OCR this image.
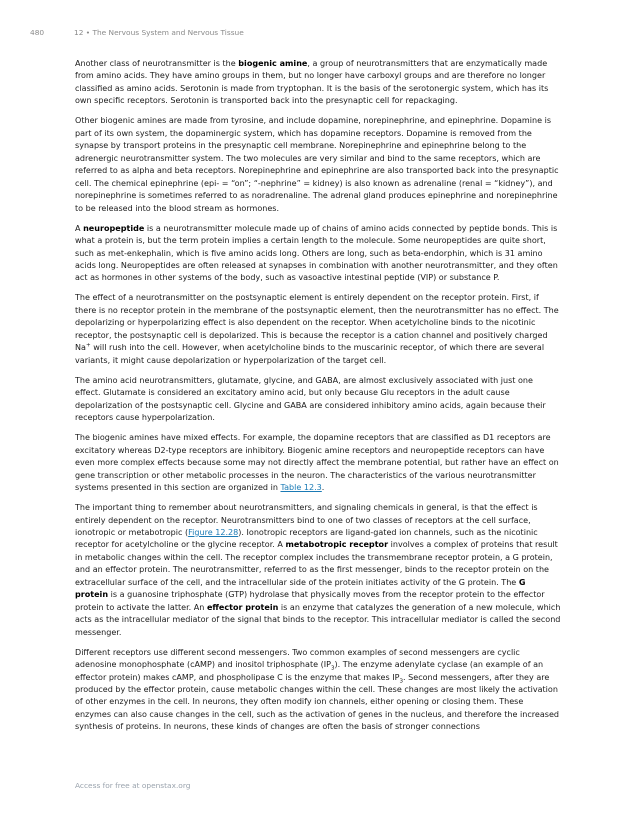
480	12 • The Nervous System and Nervous Tissue

Another class of neurotransmitter is the biogenic amine, a group of neurotransmitters that are enzymatically made from amino acids. They have amino groups in them, but no longer have carboxyl groups and are therefore no longer classified as amino acids. Serotonin is made from tryptophan. It is the basis of the serotonergic system, which has its own specific receptors. Serotonin is transported back into the presynaptic cell for repackaging.

Other biogenic amines are made from tyrosine, and include dopamine, norepinephrine, and epinephrine. Dopamine is part of its own system, the dopaminergic system, which has dopamine receptors. Dopamine is removed from the synapse by transport proteins in the presynaptic cell membrane. Norepinephrine and epinephrine belong to the adrenergic neurotransmitter system. The two molecules are very similar and bind to the same receptors, which are referred to as alpha and beta receptors. Norepinephrine and epinephrine are also transported back into the presynaptic cell. The chemical epinephrine (epi- = “on”; “-nephrine” = kidney) is also known as adrenaline (renal = “kidney”), and norepinephrine is sometimes referred to as noradrenaline. The adrenal gland produces epinephrine and norepinephrine to be released into the blood stream as hormones.

A neuropeptide is a neurotransmitter molecule made up of chains of amino acids connected by peptide bonds. This is what a protein is, but the term protein implies a certain length to the molecule. Some neuropeptides are quite short, such as met-enkephalin, which is five amino acids long. Others are long, such as beta-endorphin, which is 31 amino acids long. Neuropeptides are often released at synapses in combination with another neurotransmitter, and they often act as hormones in other systems of the body, such as vasoactive intestinal peptide (VIP) or substance P.

The effect of a neurotransmitter on the postsynaptic element is entirely dependent on the receptor protein. First, if there is no receptor protein in the membrane of the postsynaptic element, then the neurotransmitter has no effect. The depolarizing or hyperpolarizing effect is also dependent on the receptor. When acetylcholine binds to the nicotinic receptor, the postsynaptic cell is depolarized. This is because the receptor is a cation channel and positively charged Na+ will rush into the cell. However, when acetylcholine binds to the muscarinic receptor, of which there are several variants, it might cause depolarization or hyperpolarization of the target cell.

The amino acid neurotransmitters, glutamate, glycine, and GABA, are almost exclusively associated with just one effect. Glutamate is considered an excitatory amino acid, but only because Glu receptors in the adult cause depolarization of the postsynaptic cell. Glycine and GABA are considered inhibitory amino acids, again because their receptors cause hyperpolarization.

The biogenic amines have mixed effects. For example, the dopamine receptors that are classified as D1 receptors are excitatory whereas D2-type receptors are inhibitory. Biogenic amine receptors and neuropeptide receptors can have even more complex effects because some may not directly affect the membrane potential, but rather have an effect on gene transcription or other metabolic processes in the neuron. The characteristics of the various neurotransmitter systems presented in this section are organized in Table 12.3.

The important thing to remember about neurotransmitters, and signaling chemicals in general, is that the effect is entirely dependent on the receptor. Neurotransmitters bind to one of two classes of receptors at the cell surface, ionotropic or metabotropic (Figure 12.28). Ionotropic receptors are ligand-gated ion channels, such as the nicotinic receptor for acetylcholine or the glycine receptor. A metabotropic receptor involves a complex of proteins that result in metabolic changes within the cell. The receptor complex includes the transmembrane receptor protein, a G protein, and an effector protein. The neurotransmitter, referred to as the first messenger, binds to the receptor protein on the extracellular surface of the cell, and the intracellular side of the protein initiates activity of the G protein. The G protein is a guanosine triphosphate (GTP) hydrolase that physically moves from the receptor protein to the effector protein to activate the latter. An effector protein is an enzyme that catalyzes the generation of a new molecule, which acts as the intracellular mediator of the signal that binds to the receptor. This intracellular mediator is called the second messenger.

Different receptors use different second messengers. Two common examples of second messengers are cyclic adenosine monophosphate (cAMP) and inositol triphosphate $(IP_3)$. The enzyme adenylate cyclase (an example of an effector protein) makes cAMP, and phospholipase C is the enzyme that makes $IP_3$. Second messengers, after they are produced by the effector protein, cause metabolic changes within the cell. These changes are most likely the activation of other enzymes in the cell. In neurons, they often modify ion channels, either opening or closing them. These enzymes can also cause changes in the cell, such as the activation of genes in the nucleus, and therefore the increased synthesis of proteins. In neurons, these kinds of changes are often the basis of stronger connections

Access for free at openstax.org
